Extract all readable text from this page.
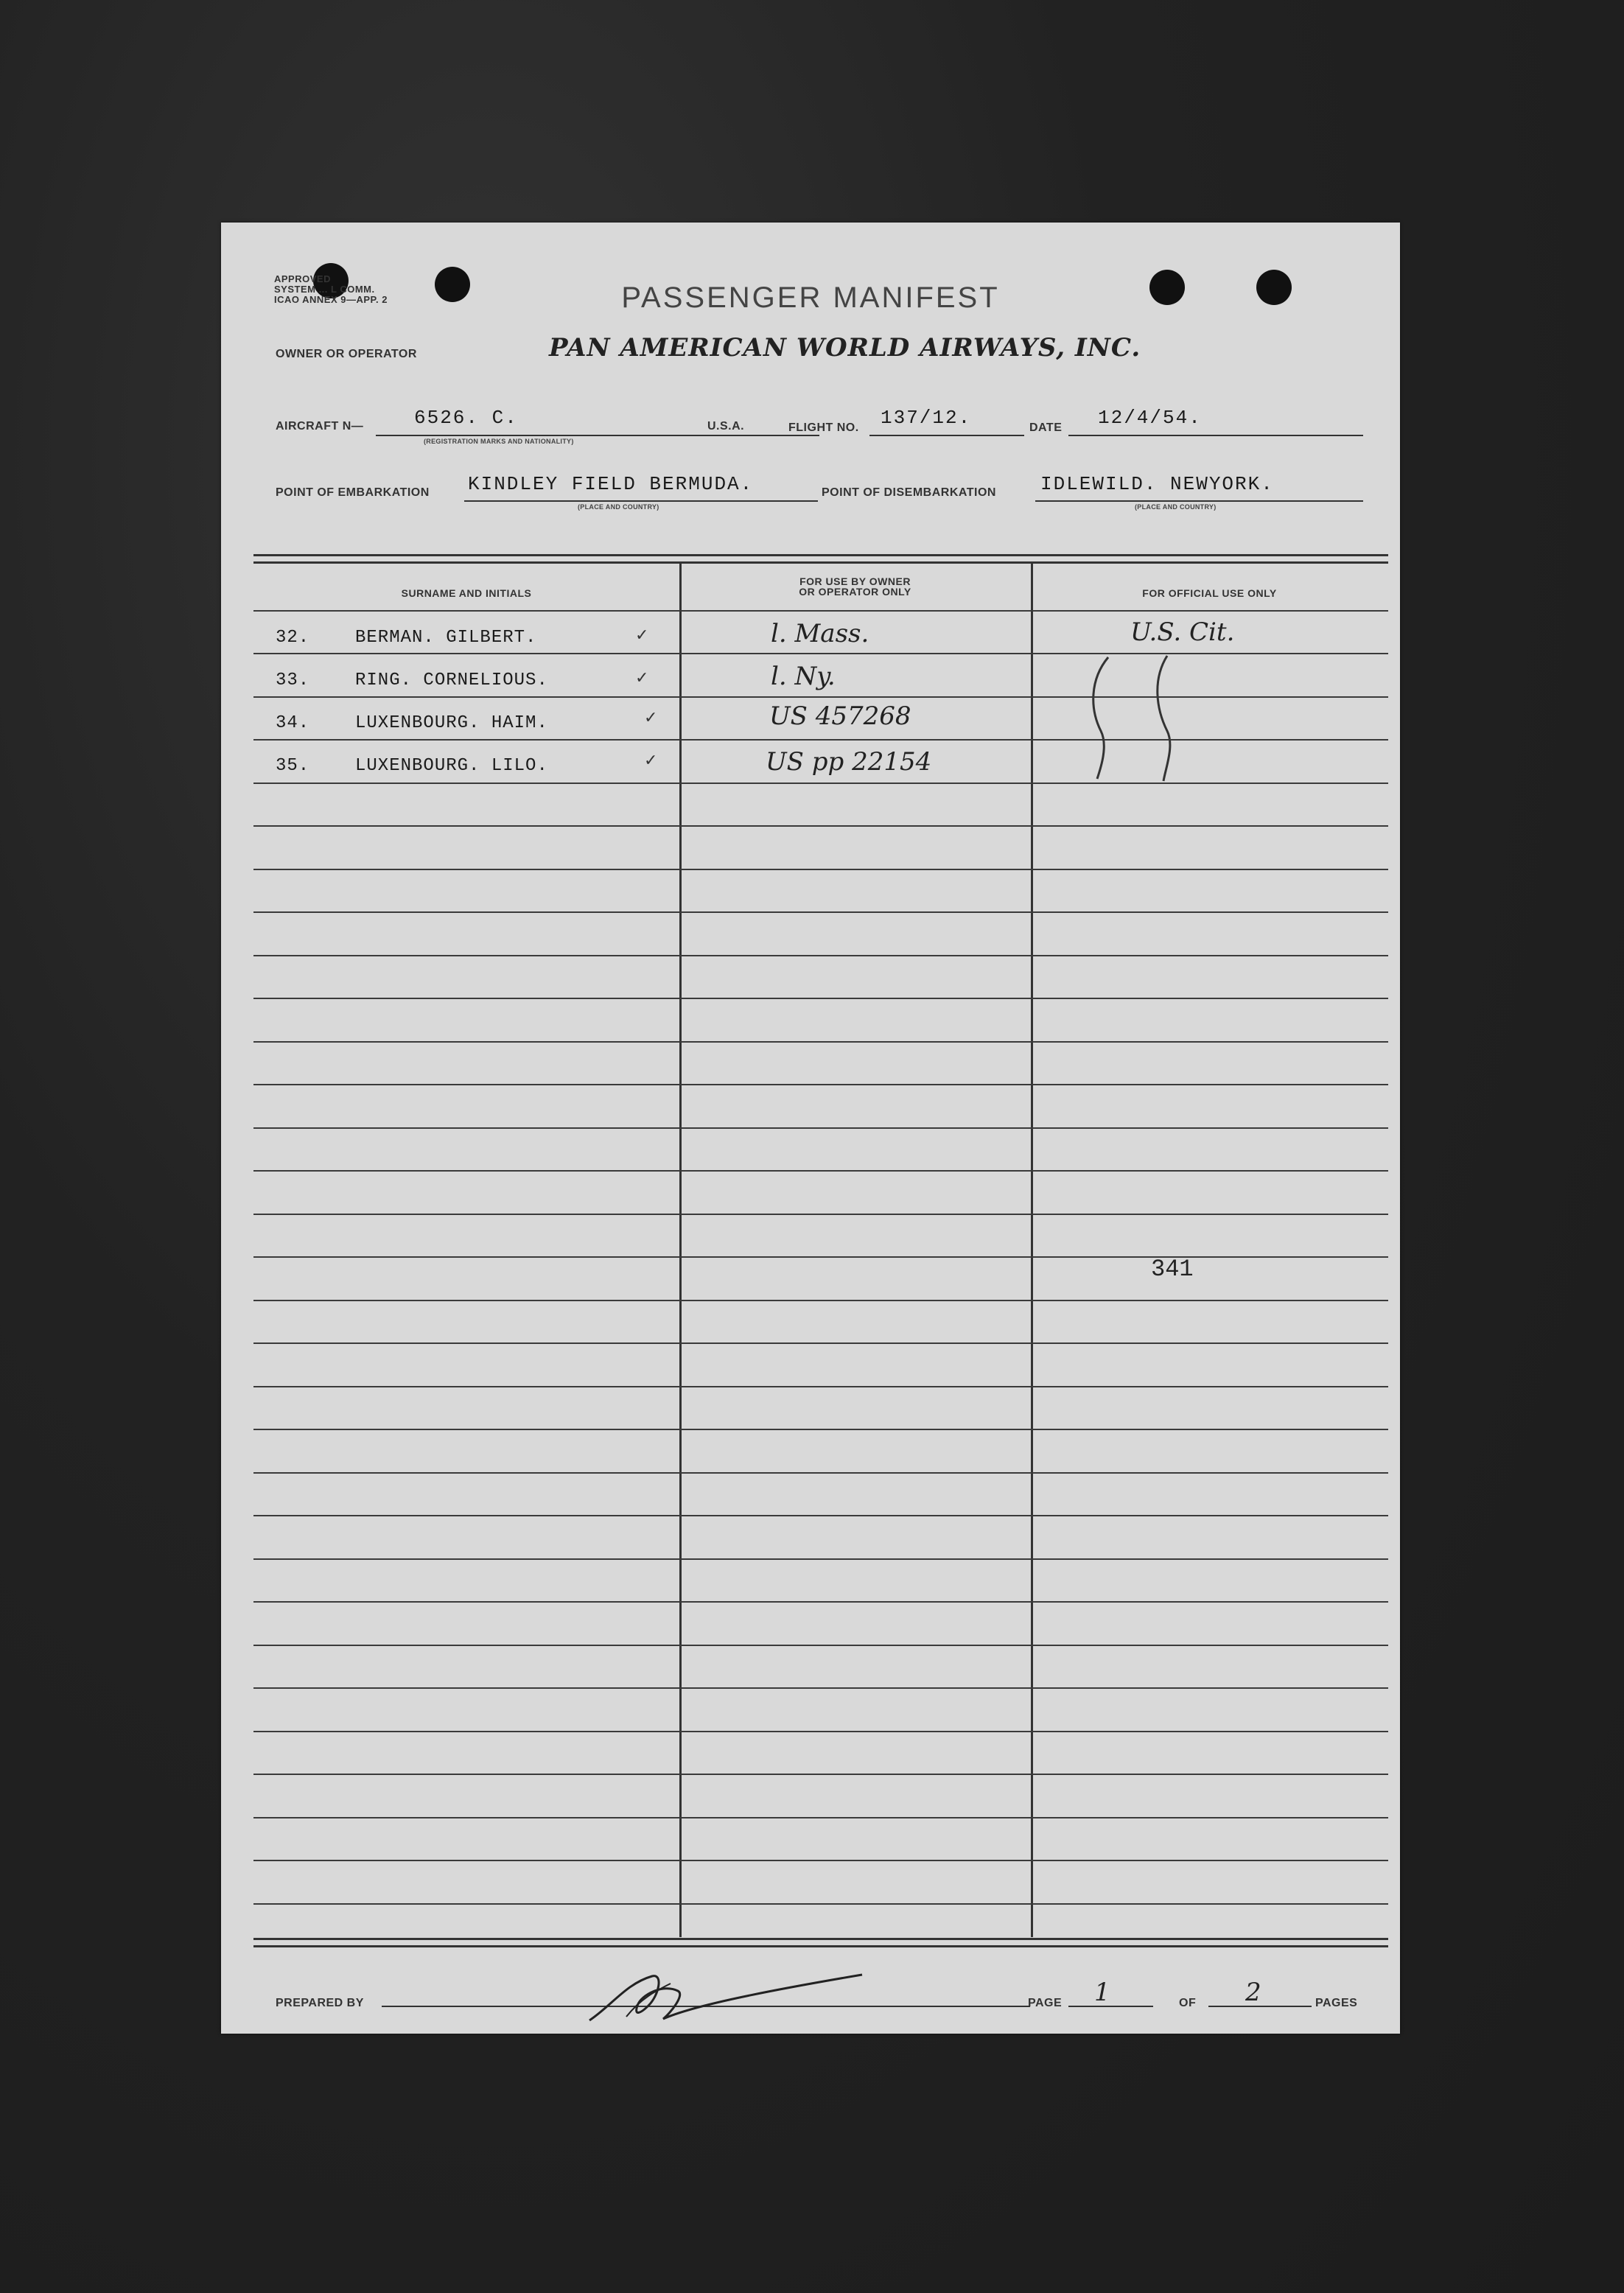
APPROVED
SYSTEM ... L COMM.
ICAO ANNEX 9—APP. 2	PASSENGER MANIFEST
OWNER OR OPERATOR	PAN AMERICAN WORLD AIRWAYS, INC.
AIRCRAFT N—	6526. C.
(REGISTRATION MARKS AND NATIONALITY)
U.S.A.	FLIGHT NO. 137/12.	DATE 12/4/54.
POINT OF EMBARKATION KINDLEY FIELD BERMUDA.
(PLACE AND COUNTRY)
POINT OF DISEMBARKATION IDLEWILD. NEWYORK.
(PLACE AND COUNTRY)
SURNAME AND INITIALS
FOR USE BY OWNER
OR OPERATOR ONLY	FOR OFFICIAL USE ONLY
32.	BERMAN. GILBERT.	✓	l. Mass.	U.S. Cit.
33.	RING. CORNELIOUS.	✓	l. Ny.
34.	LUXENBOURG. HAIM.	✓	US 457268
35.	LUXENBOURG. LILO.	✓	US pp 22154
341
PREPARED BY	PAGE 1	OF 2	PAGES
